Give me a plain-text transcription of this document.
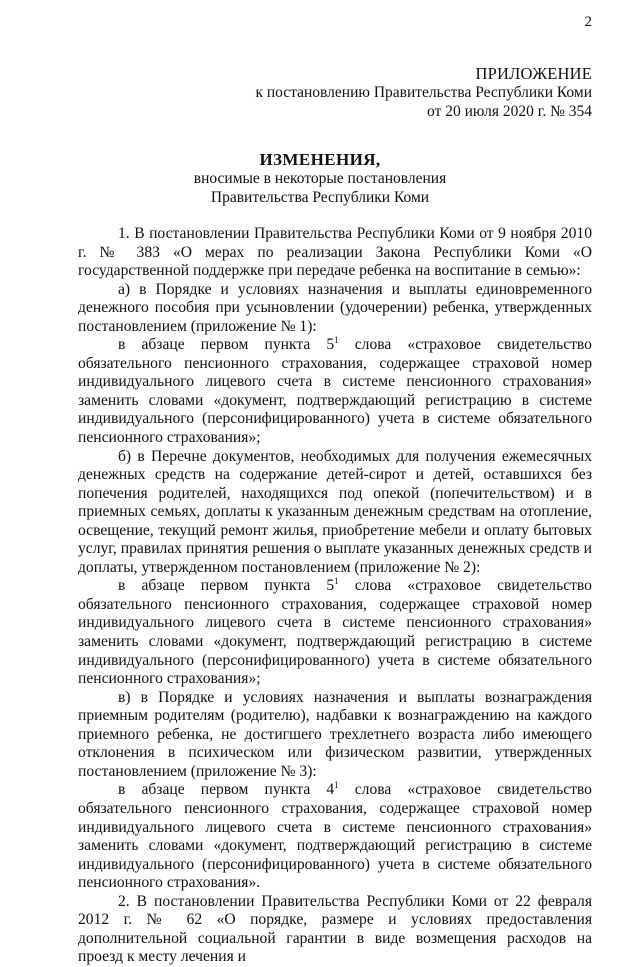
2
ПРИЛОЖЕНИЕ
к постановлению Правительства Республики Коми
от 20 июля 2020 г. № 354
ИЗМЕНЕНИЯ,
вносимые в некоторые постановления
Правительства Республики Коми

1. В постановлении Правительства Республики Коми от 9 ноября 2010 г. № 383 «О мерах по реализации Закона Республики Коми «О государственной поддержке при передаче ребенка на воспитание в семью»:

а) в Порядке и условиях назначения и выплаты единовременного денежного пособия при усыновлении (удочерении) ребенка, утвержденных постановлением (приложение № 1):

в абзаце первом пункта $5^1$ слова «страховое свидетельство обязательного пенсионного страхования, содержащее страховой номер индивидуального лицевого счета в системе пенсионного страхования» заменить словами «документ, подтверждающий регистрацию в системе индивидуального (персонифицированного) учета в системе обязательного пенсионного страхования»;

б) в Перечне документов, необходимых для получения ежемесячных денежных средств на содержание детей-сирот и детей, оставшихся без попечения родителей, находящихся под опекой (попечительством) и в приемных семьях, доплаты к указанным денежным средствам на отопление, освещение, текущий ремонт жилья, приобретение мебели и оплату бытовых услуг, правилах принятия решения о выплате указанных денежных средств и доплаты, утвержденном постановлением (приложение № 2):

в абзаце первом пункта $5^1$ слова «страховое свидетельство обязательного пенсионного страхования, содержащее страховой номер индивидуального лицевого счета в системе пенсионного страхования» заменить словами «документ, подтверждающий регистрацию в системе индивидуального (персонифицированного) учета в системе обязательного пенсионного страхования»;

в) в Порядке и условиях назначения и выплаты вознаграждения приемным родителям (родителю), надбавки к вознаграждению на каждого приемного ребенка, не достигшего трехлетнего возраста либо имеющего отклонения в психическом или физическом развитии, утвержденных постановлением (приложение № 3):

в абзаце первом пункта $4^1$ слова «страховое свидетельство обязательного пенсионного страхования, содержащее страховой номер индивидуального лицевого счета в системе пенсионного страхования» заменить словами «документ, подтверждающий регистрацию в системе индивидуального (персонифицированного) учета в системе обязательного пенсионного страхования».

2. В постановлении Правительства Республики Коми от 22 февраля 2012 г. № 62 «О порядке, размере и условиях предоставления дополнительной социальной гарантии в виде возмещения расходов на проезд к месту лечения и
